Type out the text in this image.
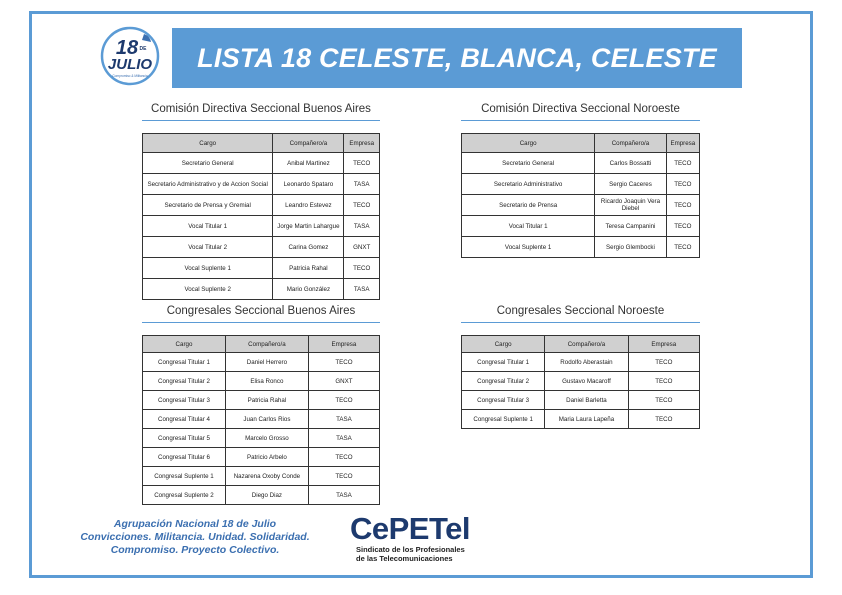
18 DE
JULIO
Compromiso & Militancia
LISTA 18 CELESTE, BLANCA, CELESTE
Comisión Directiva Seccional Buenos Aires
Cargo	Compañero/a	Empresa
Secretario General	Anibal Martinez	TECO
Secretario Administrativo y de Accion Social	Leonardo Spataro	TASA
Secretario de Prensa y Gremial	Leandro Estevez	TECO
Vocal Titular 1	Jorge Martin Lahargue	TASA
Vocal Titular 2	Carina Gomez	GNXT
Vocal Suplente 1	Patricia Rahal	TECO
Vocal Suplente 2	Mario González	TASA
Comisión Directiva Seccional Noroeste
Cargo	Compañero/a	Empresa
Secretario General	Carlos Bossatti	TECO
Secretario Administrativo	Sergio Caceres	TECO
Secretario de Prensa	Ricardo Joaquin Vera Diebel	TECO
Vocal Titular 1	Teresa Campanini	TECO
Vocal Suplente 1	Sergio Glembocki	TECO
Congresales Seccional Buenos Aires
Cargo	Compañero/a	Empresa
Congresal Titular 1	Daniel Herrero	TECO
Congresal Titular 2	Elisa Ronco	GNXT
Congresal Titular 3	Patricia Rahal	TECO
Congresal Titular 4	Juan Carlos Rios	TASA
Congresal Titular 5	Marcelo Grosso	TASA
Congresal Titular 6	Patricio Arbelo	TECO
Congresal Suplente 1	Nazarena Oxoby Conde	TECO
Congresal Suplente 2	Diego Diaz	TASA
Congresales Seccional Noroeste
Cargo	Compañero/a	Empresa
Congresal Titular 1	Rodolfo Aberastain	TECO
Congresal Titular 2	Gustavo Macaroff	TECO
Congresal Titular 3	Daniel Barletta	TECO
Congresal Suplente 1	Maria Laura Lapeña	TECO
Agrupación Nacional 18 de Julio
Convicciones. Militancia. Unidad. Solidaridad.
Compromiso. Proyecto Colectivo.
CePETel
Sindicato de los Profesionales
de las Telecomunicaciones
